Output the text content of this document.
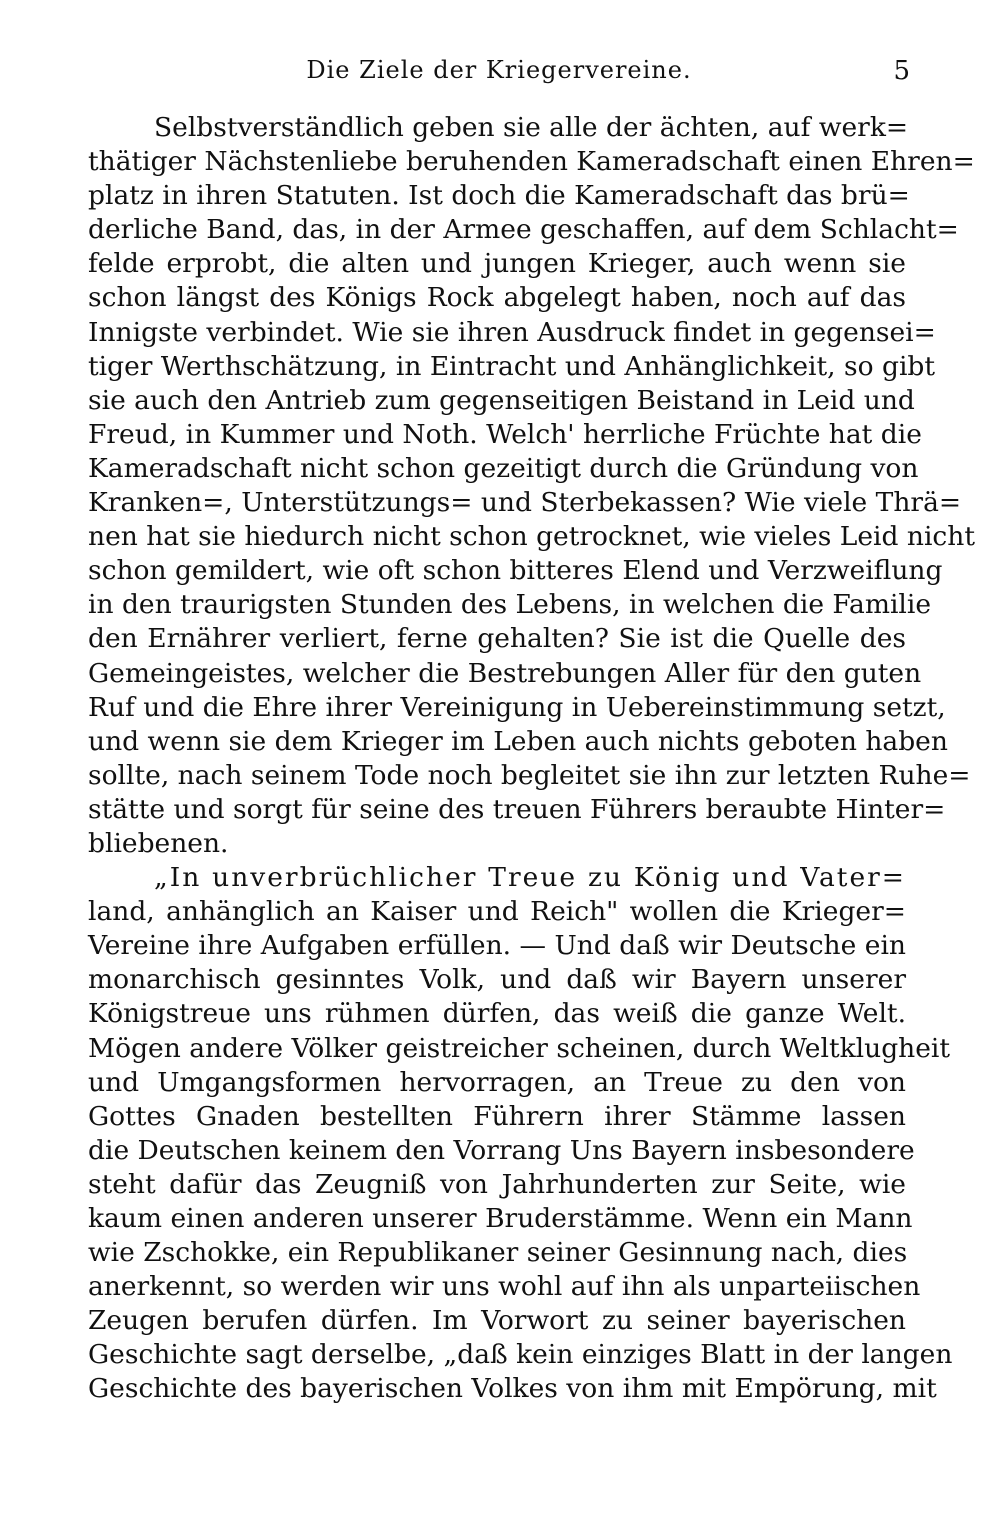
Die Ziele der Kriegervereine.	5
Selbstverständlich geben sie alle der ächten, auf werk=
thätiger Nächstenliebe beruhenden Kameradschaft einen Ehren=
platz in ihren Statuten. Ist doch die Kameradschaft das brü=
derliche Band, das, in der Armee geschaffen, auf dem Schlacht=
felde erprobt, die alten und jungen Krieger, auch wenn sie
schon längst des Königs Rock abgelegt haben, noch auf das
Innigste verbindet. Wie sie ihren Ausdruck findet in gegensei=
tiger Werthschätzung, in Eintracht und Anhänglichkeit, so gibt
sie auch den Antrieb zum gegenseitigen Beistand in Leid und
Freud, in Kummer und Noth. Welch' herrliche Früchte hat die
Kameradschaft nicht schon gezeitigt durch die Gründung von
Kranken=, Unterstützungs= und Sterbekassen? Wie viele Thrä=
nen hat sie hiedurch nicht schon getrocknet, wie vieles Leid nicht
schon gemildert, wie oft schon bitteres Elend und Verzweiflung
in den traurigsten Stunden des Lebens, in welchen die Familie
den Ernährer verliert, ferne gehalten? Sie ist die Quelle des
Gemeingeistes, welcher die Bestrebungen Aller für den guten
Ruf und die Ehre ihrer Vereinigung in Uebereinstimmung setzt,
und wenn sie dem Krieger im Leben auch nichts geboten haben
sollte, nach seinem Tode noch begleitet sie ihn zur letzten Ruhe=
stätte und sorgt für seine des treuen Führers beraubte Hinter=
bliebenen.
„In unverbrüchlicher Treue zu König und Vater=
land, anhänglich an Kaiser und Reich" wollen die Krieger=
Vereine ihre Aufgaben erfüllen. — Und daß wir Deutsche ein
monarchisch gesinntes Volk, und daß wir Bayern unserer
Königstreue uns rühmen dürfen, das weiß die ganze Welt.
Mögen andere Völker geistreicher scheinen, durch Weltklugheit
und Umgangsformen hervorragen, an Treue zu den von
Gottes Gnaden bestellten Führern ihrer Stämme lassen
die Deutschen keinem den Vorrang Uns Bayern insbesondere
steht dafür das Zeugniß von Jahrhunderten zur Seite, wie
kaum einen anderen unserer Bruderstämme. Wenn ein Mann
wie Zschokke, ein Republikaner seiner Gesinnung nach, dies
anerkennt, so werden wir uns wohl auf ihn als unparteiischen
Zeugen berufen dürfen. Im Vorwort zu seiner bayerischen
Geschichte sagt derselbe, „daß kein einziges Blatt in der langen
Geschichte des bayerischen Volkes von ihm mit Empörung, mit
